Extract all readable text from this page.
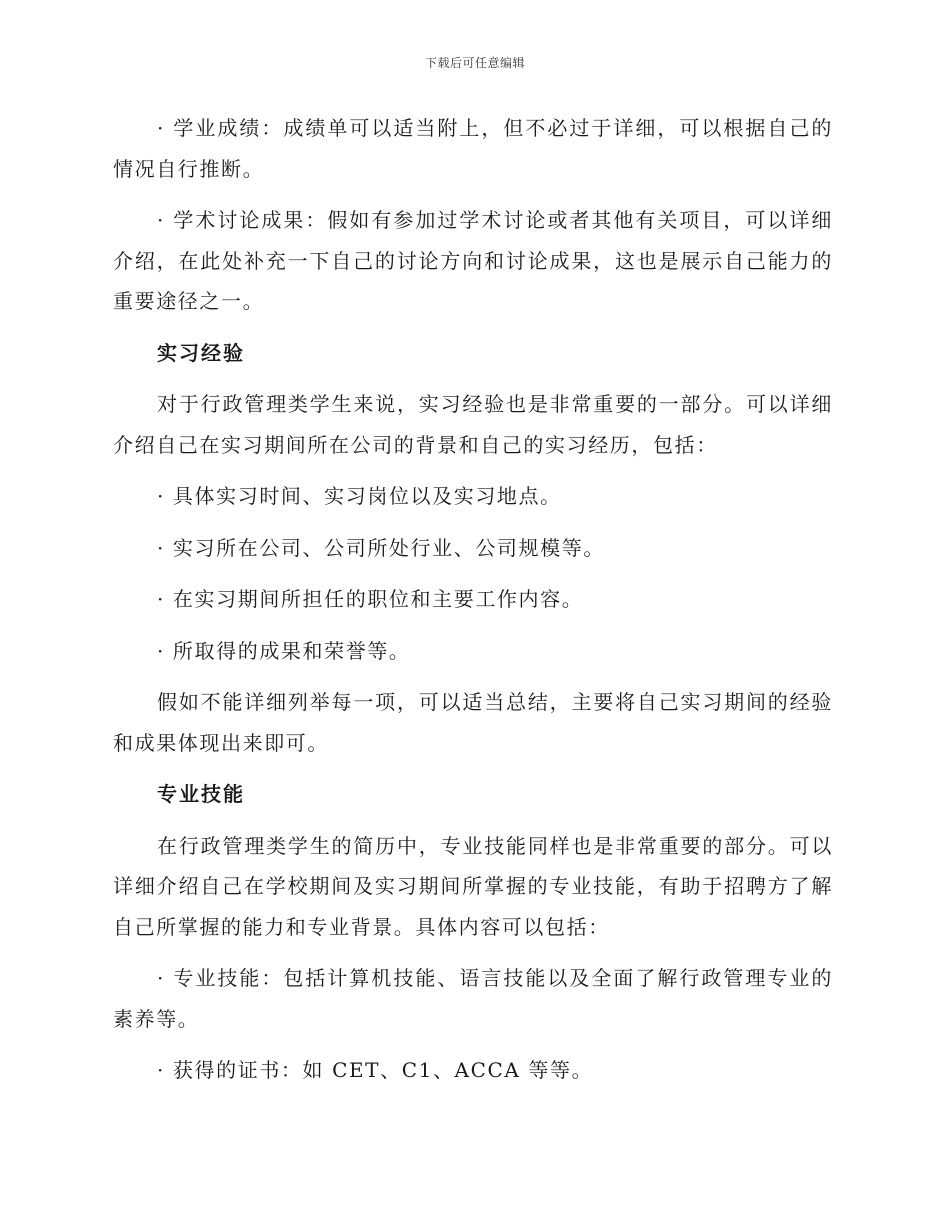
下载后可任意编辑

· 学业成绩：成绩单可以适当附上，但不必过于详细，可以根据自己的情况自行推断。

· 学术讨论成果：假如有参加过学术讨论或者其他有关项目，可以详细介绍，在此处补充一下自己的讨论方向和讨论成果，这也是展示自己能力的重要途径之一。

实习经验

对于行政管理类学生来说，实习经验也是非常重要的一部分。可以详细介绍自己在实习期间所在公司的背景和自己的实习经历，包括：

· 具体实习时间、实习岗位以及实习地点。

· 实习所在公司、公司所处行业、公司规模等。

· 在实习期间所担任的职位和主要工作内容。

· 所取得的成果和荣誉等。

假如不能详细列举每一项，可以适当总结，主要将自己实习期间的经验和成果体现出来即可。

专业技能

在行政管理类学生的简历中，专业技能同样也是非常重要的部分。可以详细介绍自己在学校期间及实习期间所掌握的专业技能，有助于招聘方了解自己所掌握的能力和专业背景。具体内容可以包括：

· 专业技能：包括计算机技能、语言技能以及全面了解行政管理专业的素养等。

· 获得的证书：如 CET、C1、ACCA 等等。
